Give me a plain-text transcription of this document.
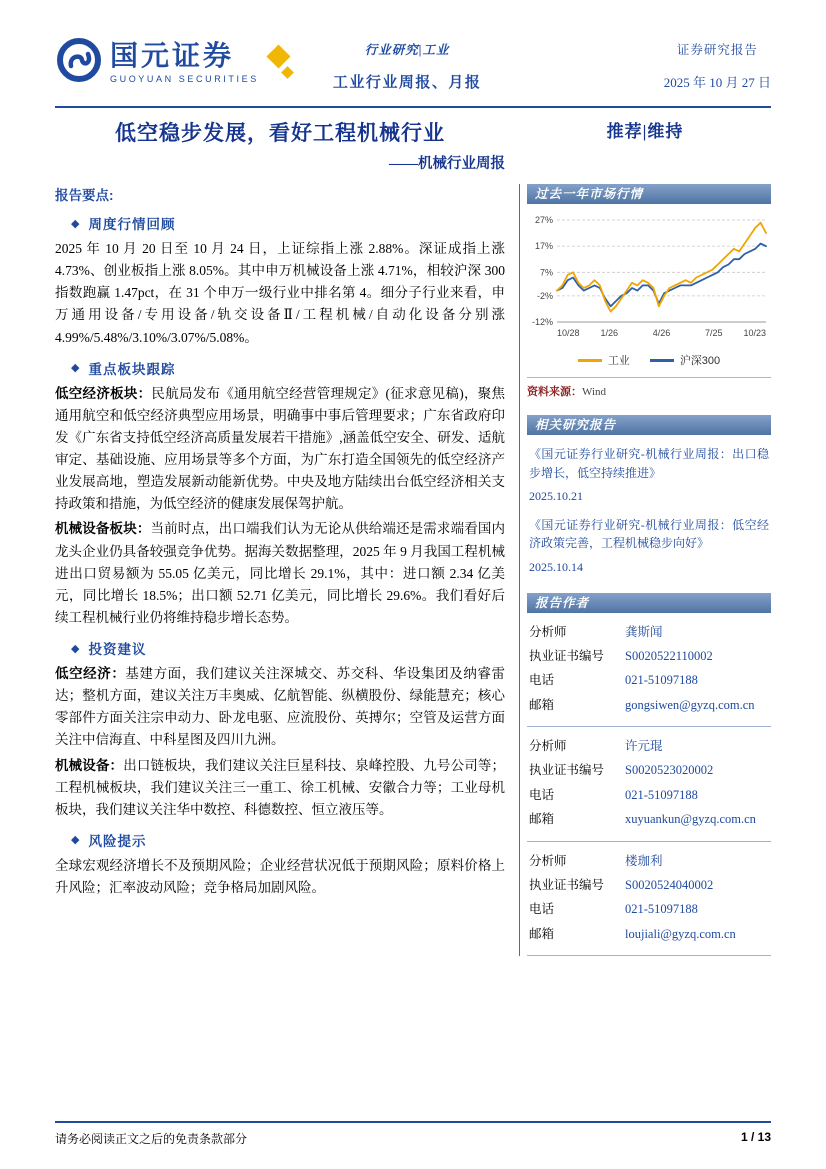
国元证券
GUOYUAN SECURITIES
行业研究|工业
工业行业周报、月报
证券研究报告
2025 年 10 月 27 日
低空稳步发展，看好工程机械行业	推荐|维持
——机械行业周报
报告要点:
◆ 周度行情回顾

2025 年 10 月 20 日至 10 月 24 日，上证综指上涨 2.88%。深证成指上涨 4.73%、创业板指上涨 8.05%。其中申万机械设备上涨 4.71%，相较沪深 300 指数跑赢 1.47pct，在 31 个申万一级行业中排名第 4。细分子行业来看，申万通用设备/专用设备/轨交设备Ⅱ/工程机械/自动化设备分别涨 4.99%/5.48%/3.10%/3.07%/5.08%。

◆ 重点板块跟踪

低空经济板块：民航局发布《通用航空经营管理规定》(征求意见稿)，聚焦通用航空和低空经济典型应用场景，明确事中事后管理要求；广东省政府印发《广东省支持低空经济高质量发展若干措施》,涵盖低空安全、研发、适航审定、基础设施、应用场景等多个方面，为广东打造全国领先的低空经济产业发展高地，塑造发展新动能新优势。中央及地方陆续出台低空经济相关支持政策和措施，为低空经济的健康发展保驾护航。

机械设备板块：当前时点，出口端我们认为无论从供给端还是需求端看国内龙头企业仍具备较强竞争优势。据海关数据整理，2025 年 9 月我国工程机械进出口贸易额为 55.05 亿美元，同比增长 29.1%，其中：进口额 2.34 亿美元，同比增长 18.5%；出口额 52.71 亿美元，同比增长 29.6%。我们看好后续工程机械行业仍将维持稳步增长态势。

◆ 投资建议

低空经济：基建方面，我们建议关注深城交、苏交科、华设集团及纳睿雷达；整机方面，建议关注万丰奥威、亿航智能、纵横股份、绿能慧充；核心零部件方面关注宗申动力、卧龙电驱、应流股份、英搏尔；空管及运营方面关注中信海直、中科星图及四川九洲。

机械设备：出口链板块，我们建议关注巨星科技、泉峰控股、九号公司等；工程机械板块，我们建议关注三一重工、徐工机械、安徽合力等；工业母机板块，我们建议关注华中数控、科德数控、恒立液压等。

◆ 风险提示

全球宏观经济增长不及预期风险；企业经营状况低于预期风险；原料价格上升风险；汇率波动风险；竞争格局加剧风险。

过去一年市场行情
27%
17%
7%
-2%
-12%
10/28 1/26	4/26	7/25 10/23
工业	沪深300
资料来源：Wind
相关研究报告
《国元证券行业研究-机械行业周报：出口稳步增长，低空持续推进》
2025.10.21
《国元证券行业研究-机械行业周报：低空经济政策完善，工程机械稳步向好》
2025.10.14
报告作者
分析师	龚斯闻
执业证书编号	S0020522110002
电话	021-51097188
邮箱	gongsiwen@gyzq.com.cn
分析师	许元琨
执业证书编号	S0020523020002
电话	021-51097188
邮箱	xuyuankun@gyzq.com.cn
分析师	楼珈利
执业证书编号	S0020524040002
电话	021-51097188
邮箱	loujiali@gyzq.com.cn
请务必阅读正文之后的免责条款部分	1 / 13
